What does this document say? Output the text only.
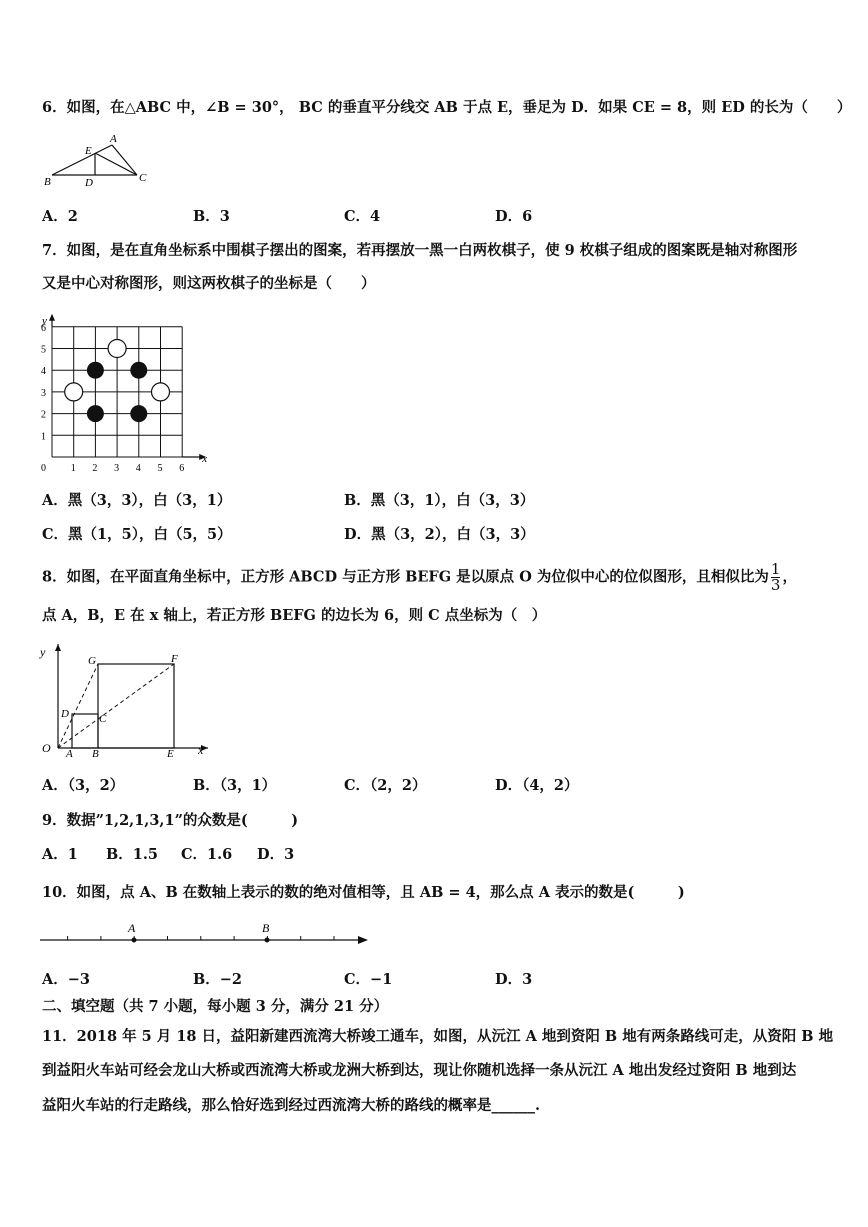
6．如图，在△ABC 中，∠B = 30°， BC 的垂直平分线交 AB 于点 E，垂足为 D．如果 CE = 8，则 ED 的长为（　　）
A
B	C
D
E
A．2	B．3	C．4	D．6
7．如图，是在直角坐标系中围棋子摆出的图案，若再摆放一黑一白两枚棋子，使 9 枚棋子组成的图案既是轴对称图形
又是中心对称图形，则这两枚棋子的坐标是（　　）
x
y
0 1 2 3 4 5 6
1
2
3
4
5
6
A．黑（3，3），白（3，1）	B．黑（3，1），白（3，3）
C．黑（1，5），白（5，5）	D．黑（3，2），白（3，3）
8．如图，在平面直角坐标中，正方形 ABCD 与正方形 BEFG 是以原点 O 为位似中心的位似图形，且相似比为 $\frac{1}{3}$ ，
点 A，B，E 在 x 轴上，若正方形 BEFG 的边长为 6，则 C 点坐标为（　）
y
x
O A B	E
C
D
G	F
A．（3，2）	B．（3，1）	C．（2，2）	D．（4，2）
9．数据”1,2,1,3,1”的众数是(　　　)
A．1 B．1.5 C．1.6 D．3
10．如图，点 A、B 在数轴上表示的数的绝对值相等，且 AB = 4，那么点 A 表示的数是(　　　)
A	B
A．−3	B．−2	C．−1	D．3
二、填空题（共 7 小题，每小题 3 分，满分 21 分）
11．2018 年 5 月 18 日，益阳新建西流湾大桥竣工通车，如图，从沅江 A 地到资阳 B 地有两条路线可走，从资阳 B 地
到益阳火车站可经会龙山大桥或西流湾大桥或龙洲大桥到达，现让你随机选择一条从沅江 A 地出发经过资阳 B 地到达
益阳火车站的行走路线，那么恰好选到经过西流湾大桥的路线的概率是______.
